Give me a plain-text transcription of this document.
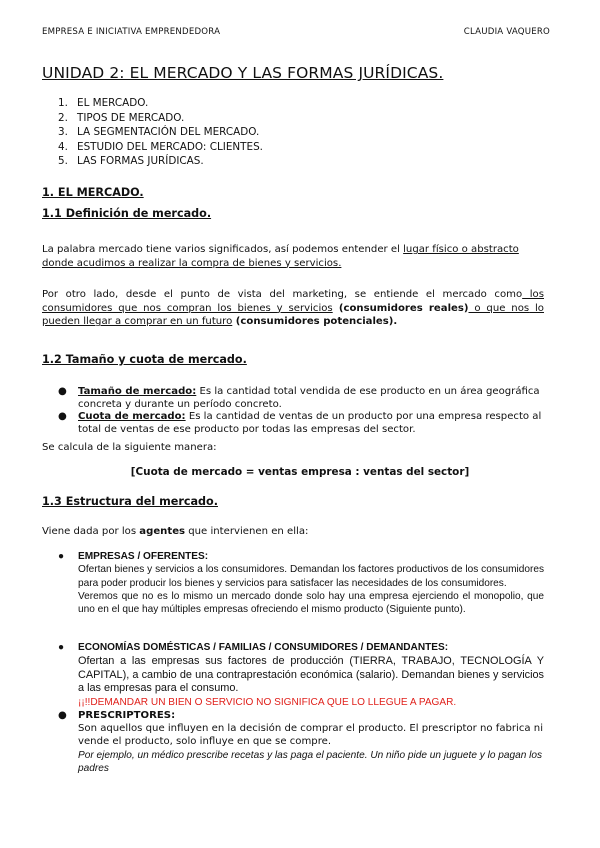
EMPRESA E INICIATIVA EMPRENDEDORA	CLAUDIA VAQUERO
UNIDAD 2: EL MERCADO Y LAS FORMAS JURÍDICAS.
1. EL MERCADO.
2. TIPOS DE MERCADO.
3. LA SEGMENTACIÓN DEL MERCADO.
4. ESTUDIO DEL MERCADO: CLIENTES.
5. LAS FORMAS JURÍDICAS.
1. EL MERCADO.
1.1 Definición de mercado.
La palabra mercado tiene varios significados, así podemos entender el lugar físico o abstracto donde acudimos a realizar la compra de bienes y servicios.
Por otro lado, desde el punto de vista del marketing, se entiende el mercado como los consumidores que nos compran los bienes y servicios (consumidores reales) o que nos lo pueden llegar a comprar en un futuro (consumidores potenciales).
1.2 Tamaño y cuota de mercado.
● Tamaño de mercado: Es la cantidad total vendida de ese producto en un área geográfica concreta y durante un período concreto.
● Cuota de mercado: Es la cantidad de ventas de un producto por una empresa respecto al total de ventas de ese producto por todas las empresas del sector.
Se calcula de la siguiente manera:
[Cuota de mercado = ventas empresa : ventas del sector]
1.3 Estructura del mercado.
Viene dada por los agentes que intervienen en ella:
● EMPRESAS / OFERENTES:
Ofertan bienes y servicios a los consumidores. Demandan los factores productivos de los consumidores para poder producir los bienes y servicios para satisfacer las necesidades de los consumidores.
Veremos que no es lo mismo un mercado donde solo hay una empresa ejerciendo el monopolio, que uno en el que hay múltiples empresas ofreciendo el mismo producto (Siguiente punto).
● ECONOMÍAS DOMÉSTICAS / FAMILIAS / CONSUMIDORES / DEMANDANTES:
Ofertan a las empresas sus factores de producción (TIERRA, TRABAJO, TECNOLOGÍA Y CAPITAL), a cambio de una contraprestación económica (salario). Demandan bienes y servicios a las empresas para el consumo.
¡¡!!DEMANDAR UN BIEN O SERVICIO NO SIGNIFICA QUE LO LLEGUE A PAGAR.
● PRESCRIPTORES:
Son aquellos que influyen en la decisión de comprar el producto. El prescriptor no fabrica ni vende el producto, solo influye en que se compre.
Por ejemplo, un médico prescribe recetas y las paga el paciente. Un niño pide un juguete y lo pagan los padres
